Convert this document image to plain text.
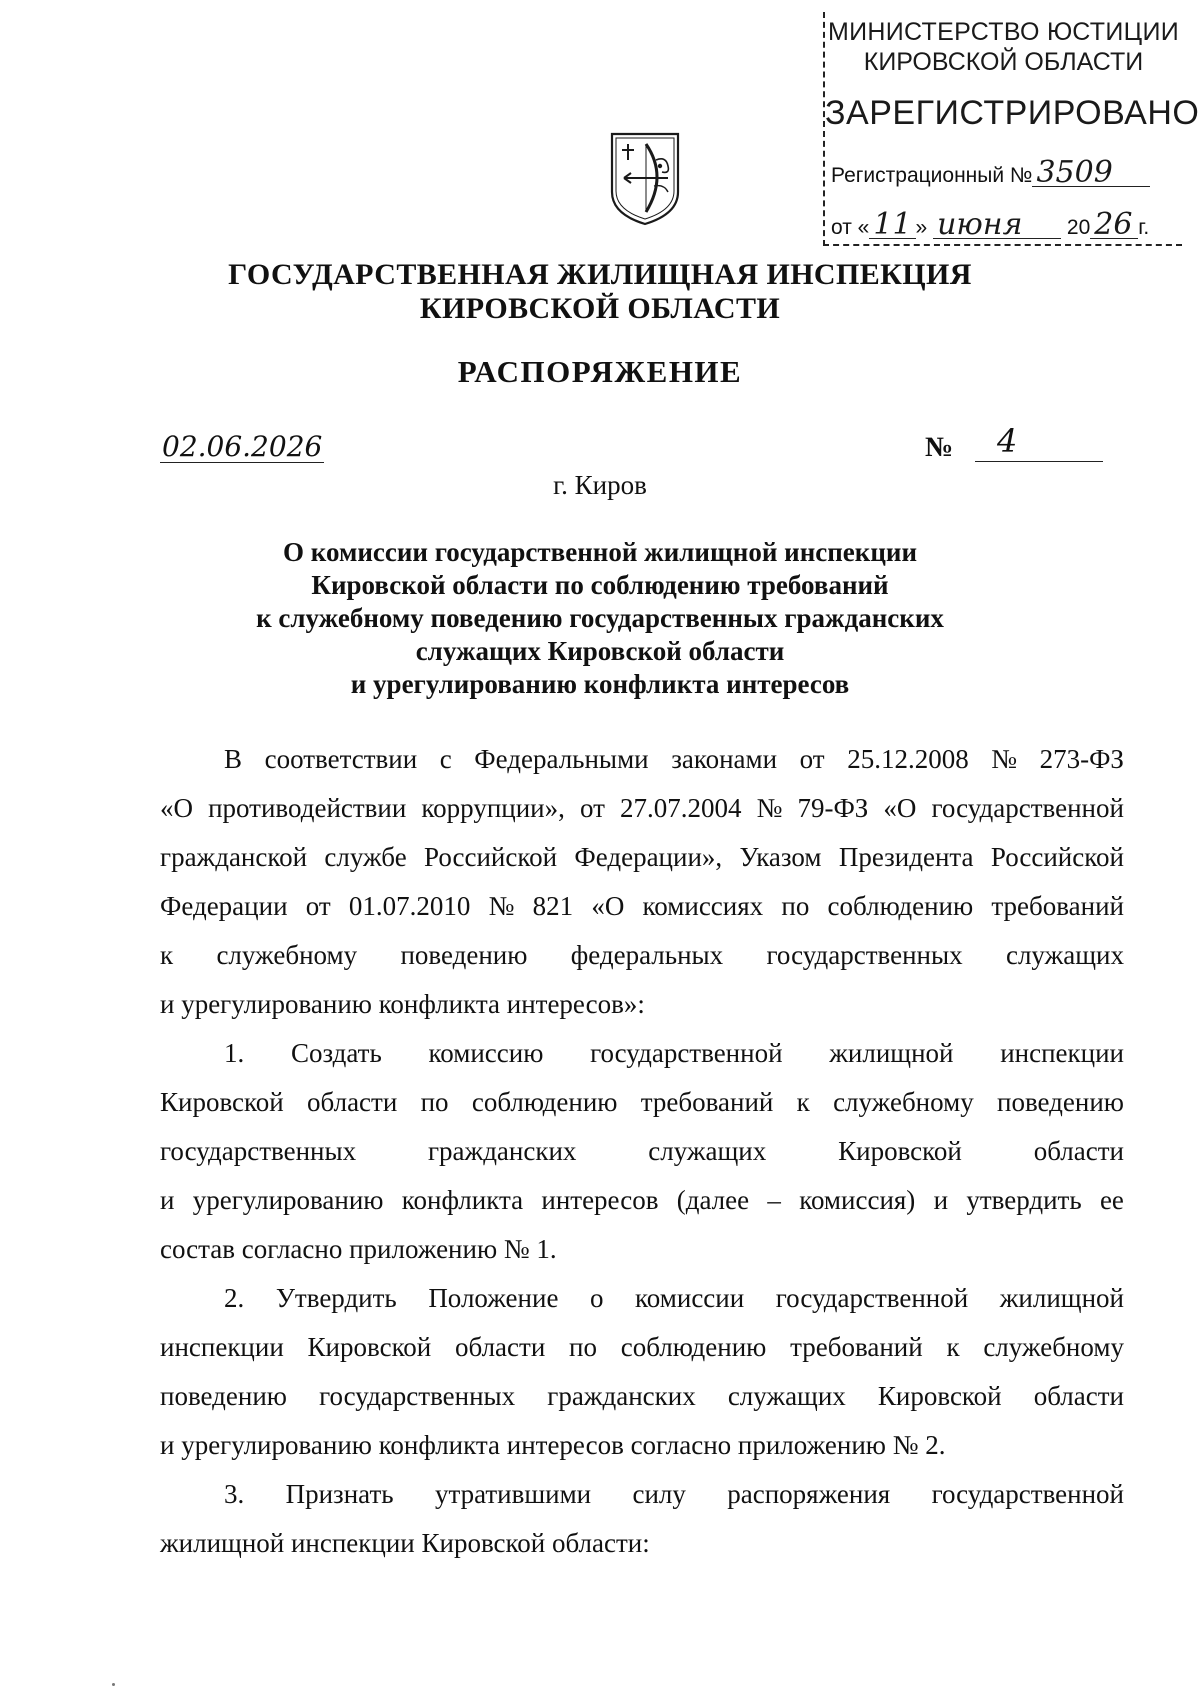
МИНИСТЕРСТВО ЮСТИЦИИ
КИРОВСКОЙ ОБЛАСТИ
ЗАРЕГИСТРИРОВАНО
Регистрационный № 3509
от « 11 » июня 20 26 г.
ГОСУДАРСТВЕННАЯ ЖИЛИЩНАЯ ИНСПЕКЦИЯ
КИРОВСКОЙ ОБЛАСТИ
РАСПОРЯЖЕНИЕ
02.06.2026	№	4
г. Киров
О комиссии государственной жилищной инспекции
Кировской области по соблюдению требований
к служебному поведению государственных гражданских
служащих Кировской области
и урегулированию конфликта интересов
В соответствии с Федеральными законами от 25.12.2008 № 273-ФЗ
«О противодействии коррупции», от 27.07.2004 № 79-ФЗ «О государственной
гражданской службе Российской Федерации», Указом Президента Российской
Федерации от 01.07.2010 № 821 «О комиссиях по соблюдению требований
к служебному поведению федеральных государственных служащих
и урегулированию конфликта интересов»:
1. Создать комиссию государственной жилищной инспекции
Кировской области по соблюдению требований к служебному поведению
государственных	гражданских	служащих	Кировской	области
и урегулированию конфликта интересов (далее – комиссия) и утвердить ее
состав согласно приложению № 1.
2. Утвердить Положение о комиссии государственной жилищной
инспекции Кировской области по соблюдению требований к служебному
поведению государственных гражданских служащих Кировской области
и урегулированию конфликта интересов согласно приложению № 2.
3. Признать утратившими силу распоряжения государственной
жилищной инспекции Кировской области:
